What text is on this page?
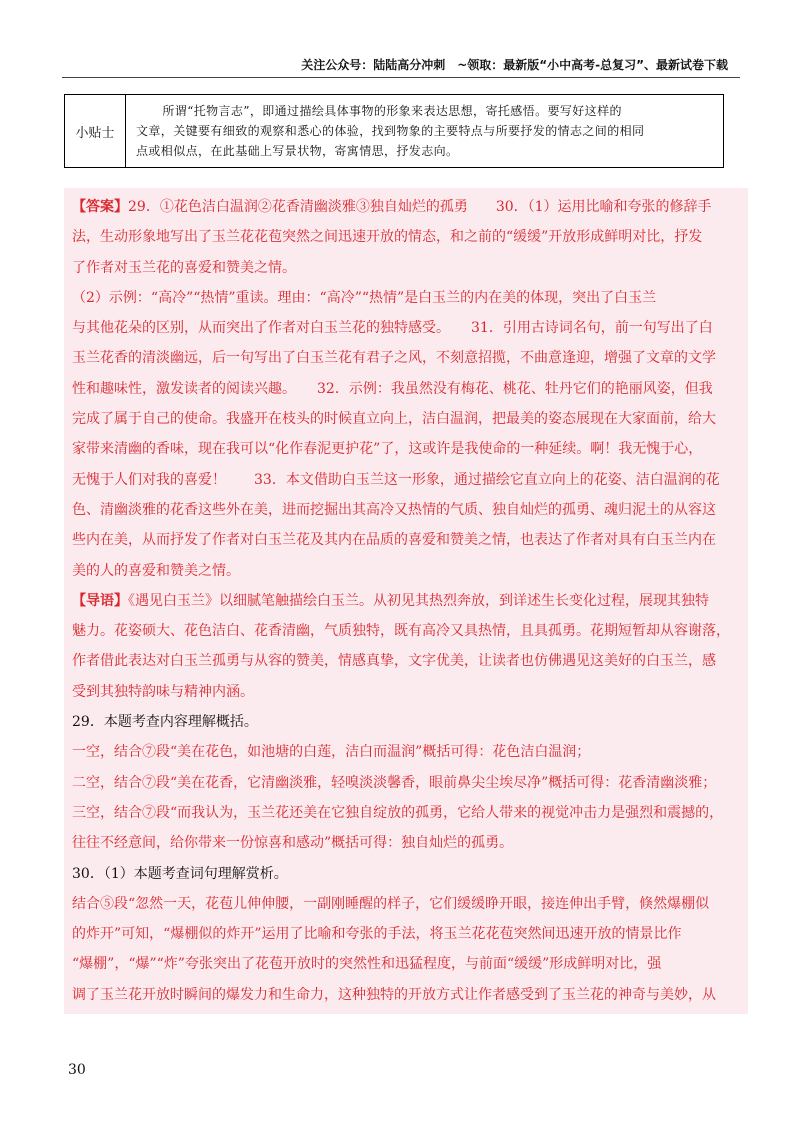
关注公众号：陆陆高分冲刺　~领取：最新版“小中高考-总复习”、最新试卷下载
小贴士
所谓“托物言志”，即通过描绘具体事物的形象来表达思想，寄托感悟。要写好这样的
文章，关键要有细致的观察和悉心的体验，找到物象的主要特点与所要抒发的情志之间的相同
点或相似点，在此基础上写景状物，寄寓情思，抒发志向。
【答案】29．①花色洁白温润②花香清幽淡雅③独自灿烂的孤勇　　30．（1）运用比喻和夸张的修辞手
法，生动形象地写出了玉兰花花苞突然之间迅速开放的情态，和之前的“缓缓”开放形成鲜明对比，抒发
了作者对玉兰花的喜爱和赞美之情。
（2）示例：“高冷”“热情”重读。理由：“高冷”“热情”是白玉兰的内在美的体现，突出了白玉兰
与其他花朵的区别，从而突出了作者对白玉兰花的独特感受。　　31．引用古诗词名句，前一句写出了白
玉兰花香的清淡幽远，后一句写出了白玉兰花有君子之风，不刻意招揽，不曲意逢迎，增强了文章的文学
性和趣味性，激发读者的阅读兴趣。　　32．示例：我虽然没有梅花、桃花、牡丹它们的艳丽风姿，但我
完成了属于自己的使命。我盛开在枝头的时候直立向上，洁白温润，把最美的姿态展现在大家面前，给大
家带来清幽的香味，现在我可以“化作春泥更护花”了，这或许是我使命的一种延续。啊！我无愧于心，
无愧于人们对我的喜爱！　　33．本文借助白玉兰这一形象，通过描绘它直立向上的花姿、洁白温润的花
色、清幽淡雅的花香这些外在美，进而挖掘出其高冷又热情的气质、独自灿烂的孤勇、魂归泥土的从容这
些内在美，从而抒发了作者对白玉兰花及其内在品质的喜爱和赞美之情，也表达了作者对具有白玉兰内在
美的人的喜爱和赞美之情。
【导语】《遇见白玉兰》以细腻笔触描绘白玉兰。从初见其热烈奔放，到详述生长变化过程，展现其独特
魅力。花姿硕大、花色洁白、花香清幽，气质独特，既有高冷又具热情，且具孤勇。花期短暂却从容谢落，
作者借此表达对白玉兰孤勇与从容的赞美，情感真挚，文字优美，让读者也仿佛遇见这美好的白玉兰，感
受到其独特韵味与精神内涵。
29．本题考查内容理解概括。
一空，结合⑦段“美在花色，如池塘的白莲，洁白而温润”概括可得：花色洁白温润；
二空，结合⑦段“美在花香，它清幽淡雅，轻嗅淡淡馨香，眼前鼻尖尘埃尽净”概括可得：花香清幽淡雅；
三空，结合⑦段“而我认为，玉兰花还美在它独自绽放的孤勇，它给人带来的视觉冲击力是强烈和震撼的，
往往不经意间，给你带来一份惊喜和感动”概括可得：独自灿烂的孤勇。
30．（1）本题考查词句理解赏析。
结合⑤段“忽然一天，花苞儿伸伸腰，一副刚睡醒的样子，它们缓缓睁开眼，接连伸出手臂，倏然爆棚似
的炸开”可知，“爆棚似的炸开”运用了比喻和夸张的手法，将玉兰花花苞突然间迅速开放的情景比作
“爆棚”，“爆”“炸”夸张突出了花苞开放时的突然性和迅猛程度，与前面“缓缓”形成鲜明对比，强
调了玉兰花开放时瞬间的爆发力和生命力，这种独特的开放方式让作者感受到了玉兰花的神奇与美妙，从
30
